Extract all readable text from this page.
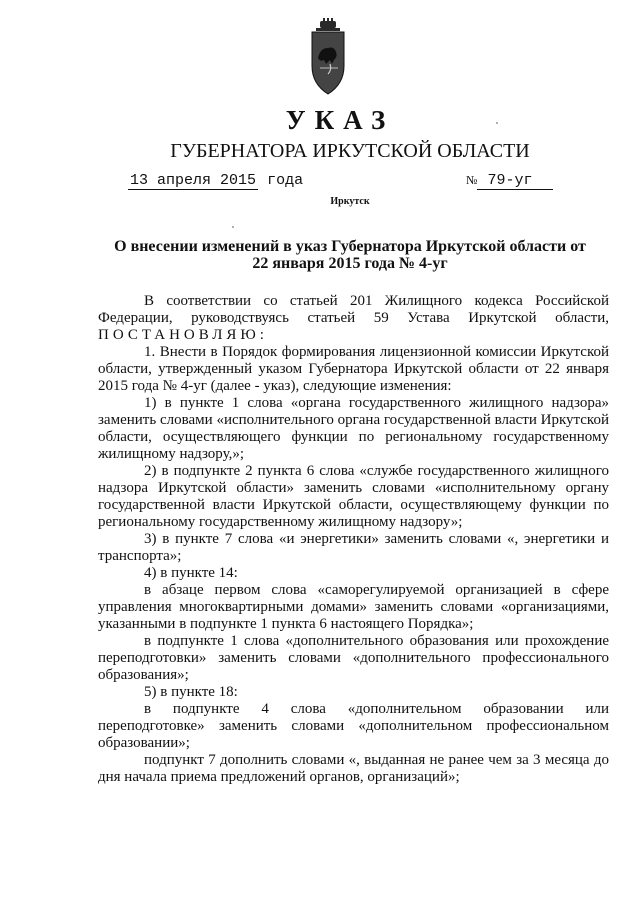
УКАЗ
ГУБЕРНАТОРА ИРКУТСКОЙ ОБЛАСТИ
13 апреля 2015 года	№ 79-уг
Иркутск
О внесении изменений в указ Губернатора Иркутской области от
22 января 2015 года № 4-уг

В соответствии со статьей 201 Жилищного кодекса Российской Федерации, руководствуясь статьей 59 Устава Иркутской области, ПОСТАНОВЛЯЮ:

1. Внести в Порядок формирования лицензионной комиссии Иркутской области, утвержденный указом Губернатора Иркутской области от 22 января 2015 года № 4-уг (далее - указ), следующие изменения:

1) в пункте 1 слова «органа государственного жилищного надзора» заменить словами «исполнительного органа государственной власти Иркутской области, осуществляющего функции по региональному государственному жилищному надзору,»;

2) в подпункте 2 пункта 6 слова «службе государственного жилищного надзора Иркутской области» заменить словами «исполнительному органу государственной власти Иркутской области, осуществляющему функции по региональному государственному жилищному надзору»;

3) в пункте 7 слова «и энергетики» заменить словами «, энергетики и транспорта»;

4) в пункте 14:

в абзаце первом слова «саморегулируемой организацией в сфере управления многоквартирными домами» заменить словами «организациями, указанными в подпункте 1 пункта 6 настоящего Порядка»;

в подпункте 1 слова «дополнительного образования или прохождение переподготовки» заменить словами «дополнительного профессионального образования»;

5) в пункте 18:

в подпункте 4 слова «дополнительном образовании или переподготовке» заменить словами «дополнительном профессиональном образовании»;

подпункт 7 дополнить словами «, выданная не ранее чем за 3 месяца до дня начала приема предложений органов, организаций»;
